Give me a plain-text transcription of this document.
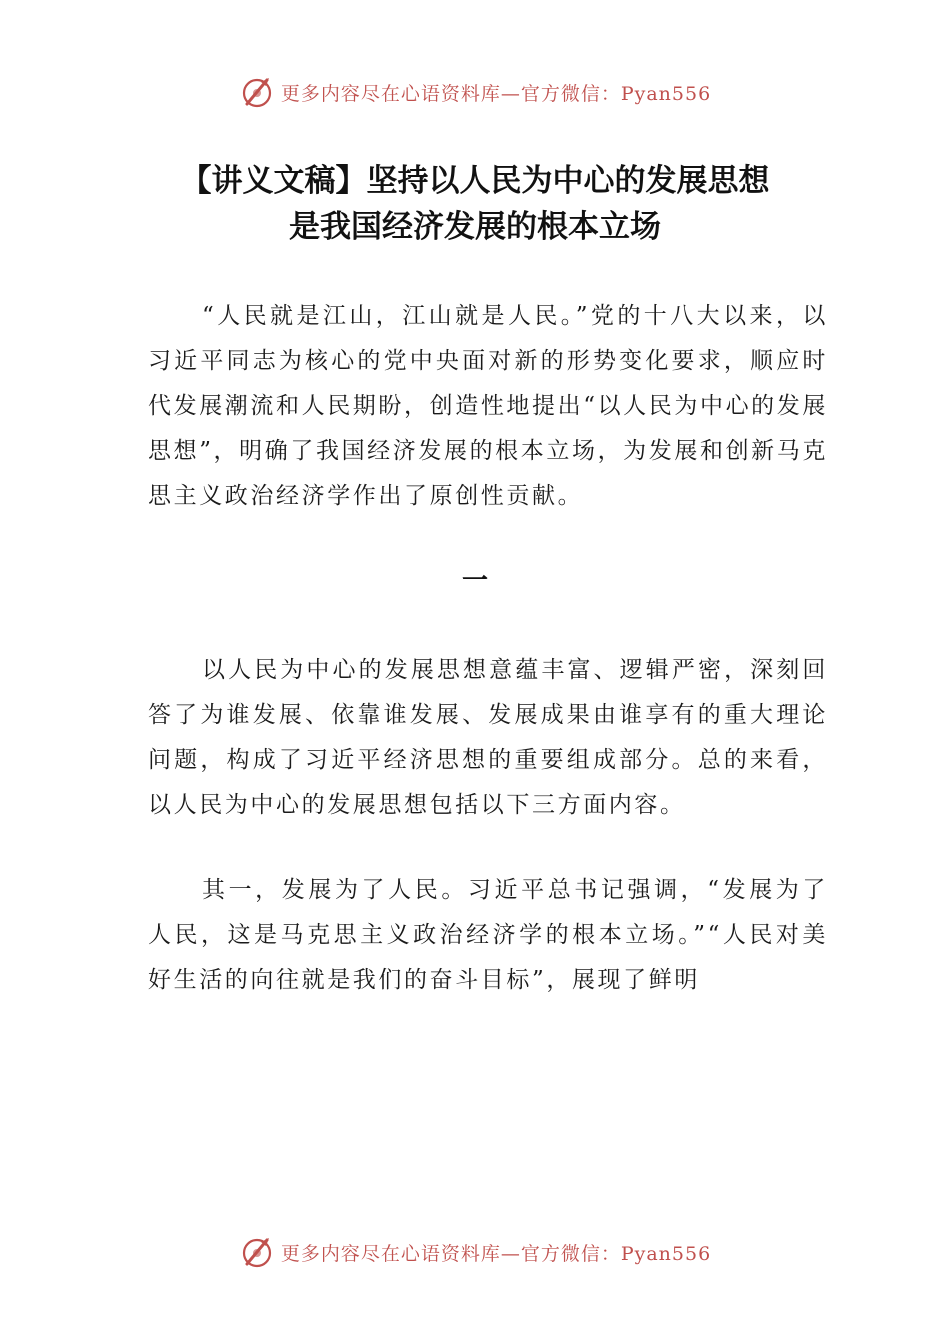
更多内容尽在心语资料库—官方微信：Pyan556
【讲义文稿】坚持以人民为中心的发展思想
是我国经济发展的根本立场

“人民就是江山，江山就是人民。”党的十八大以来，以习近平同志为核心的党中央面对新的形势变化要求，顺应时代发展潮流和人民期盼，创造性地提出“以人民为中心的发展思想”，明确了我国经济发展的根本立场，为发展和创新马克思主义政治经济学作出了原创性贡献。

一

以人民为中心的发展思想意蕴丰富、逻辑严密，深刻回答了为谁发展、依靠谁发展、发展成果由谁享有的重大理论问题，构成了习近平经济思想的重要组成部分。总的来看，以人民为中心的发展思想包括以下三方面内容。

其一，发展为了人民。习近平总书记强调，“发展为了人民，这是马克思主义政治经济学的根本立场。”“人民对美好生活的向往就是我们的奋斗目标”，展现了鲜明

更多内容尽在心语资料库—官方微信：Pyan556
